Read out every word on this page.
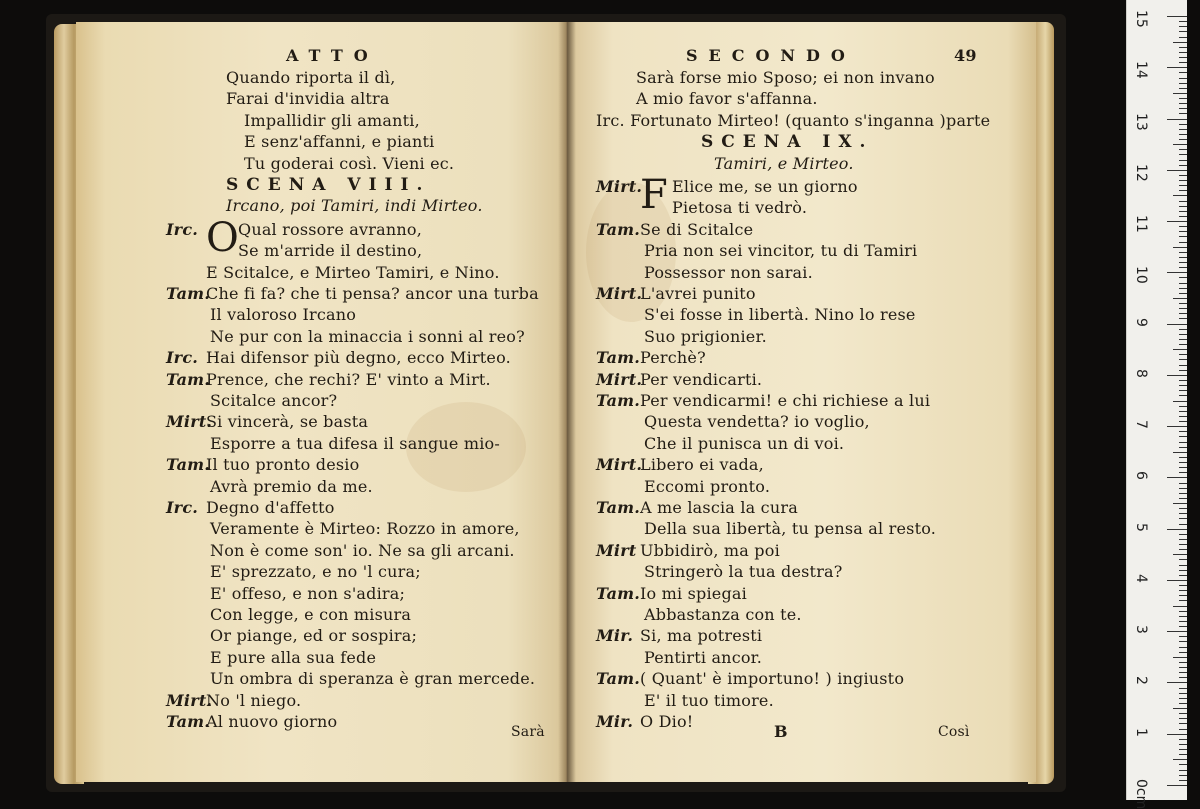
ATTO
Quando riporta il dì,
Farai d'invidia altra
Impallidir gli amanti,
E senz'affanni, e pianti
Tu goderai così. Vieni ec.
SCENA VIII.
Ircano, poi Tamiri, indi Mirteo.
Irc. O Qual rossore avranno,
Se m'arride il destino,
E Scitalce, e Mirteo Tamiri, e Nino.
Tam.
Che fi fa? che ti pensa? ancor una turba
Il valoroso Ircano
Ne pur con la minaccia i sonni al reo?
Irc. Hai difensor più degno, ecco Mirteo.
Tam.
Prence, che rechi? E' vinto a Mirt.
Scitalce ancor?
Mirt.
Si vincerà, se basta
Esporre a tua difesa il sangue mio-
Tam.
Il tuo pronto desio
Avrà premio da me.
Irc. Degno d'affetto
Veramente è Mirteo: Rozzo in amore,
Non è come son' io. Ne sa gli arcani.
E' sprezzato, e no 'l cura;
E' offeso, e non s'adira;
Con legge, e con misura
Or piange, ed or sospira;
E pure alla sua fede
Un ombra di speranza è gran mercede.
Mirt.
No 'l niego.
Tam.
Al nuovo giorno
Sarà
SECONDO	49
Sarà forse mio Sposo; ei non invano
A mio favor s'affanna.
Irc. Fortunato Mirteo! (quanto s'inganna )parte
SCENA IX.
Tamiri, e Mirteo.
Mirt.
F Elice me, se un giorno
Pietosa ti vedrò.
Tam. Se di Scitalce
Pria non sei vincitor, tu di Tamiri
Possessor non sarai.
Mirt.
L'avrei punito
S'ei fosse in libertà. Nino lo rese
Suo prigionier.
Tam. Perchè?
Mirt.
Per vendicarti.
Tam. Per vendicarmi! e chi richiese a lui
Questa vendetta? io voglio,
Che il punisca un di voi.
Mirt.
Libero ei vada,
Eccomi pronto.
Tam. A me lascia la cura
Della sua libertà, tu pensa al resto.
Mirt Ubbidirò, ma poi
Stringerò la tua destra?
Tam. Io mi spiegai
Abbastanza con te.
Mir. Si, ma potresti
Pentirti ancor.
Tam. ( Quant' è importuno! ) ingiusto
E' il tuo timore.
Mir. O Dio!
Così
B
15
14
13
12
11
10
9
8
7
6
5
4
3
2
1
0cm
